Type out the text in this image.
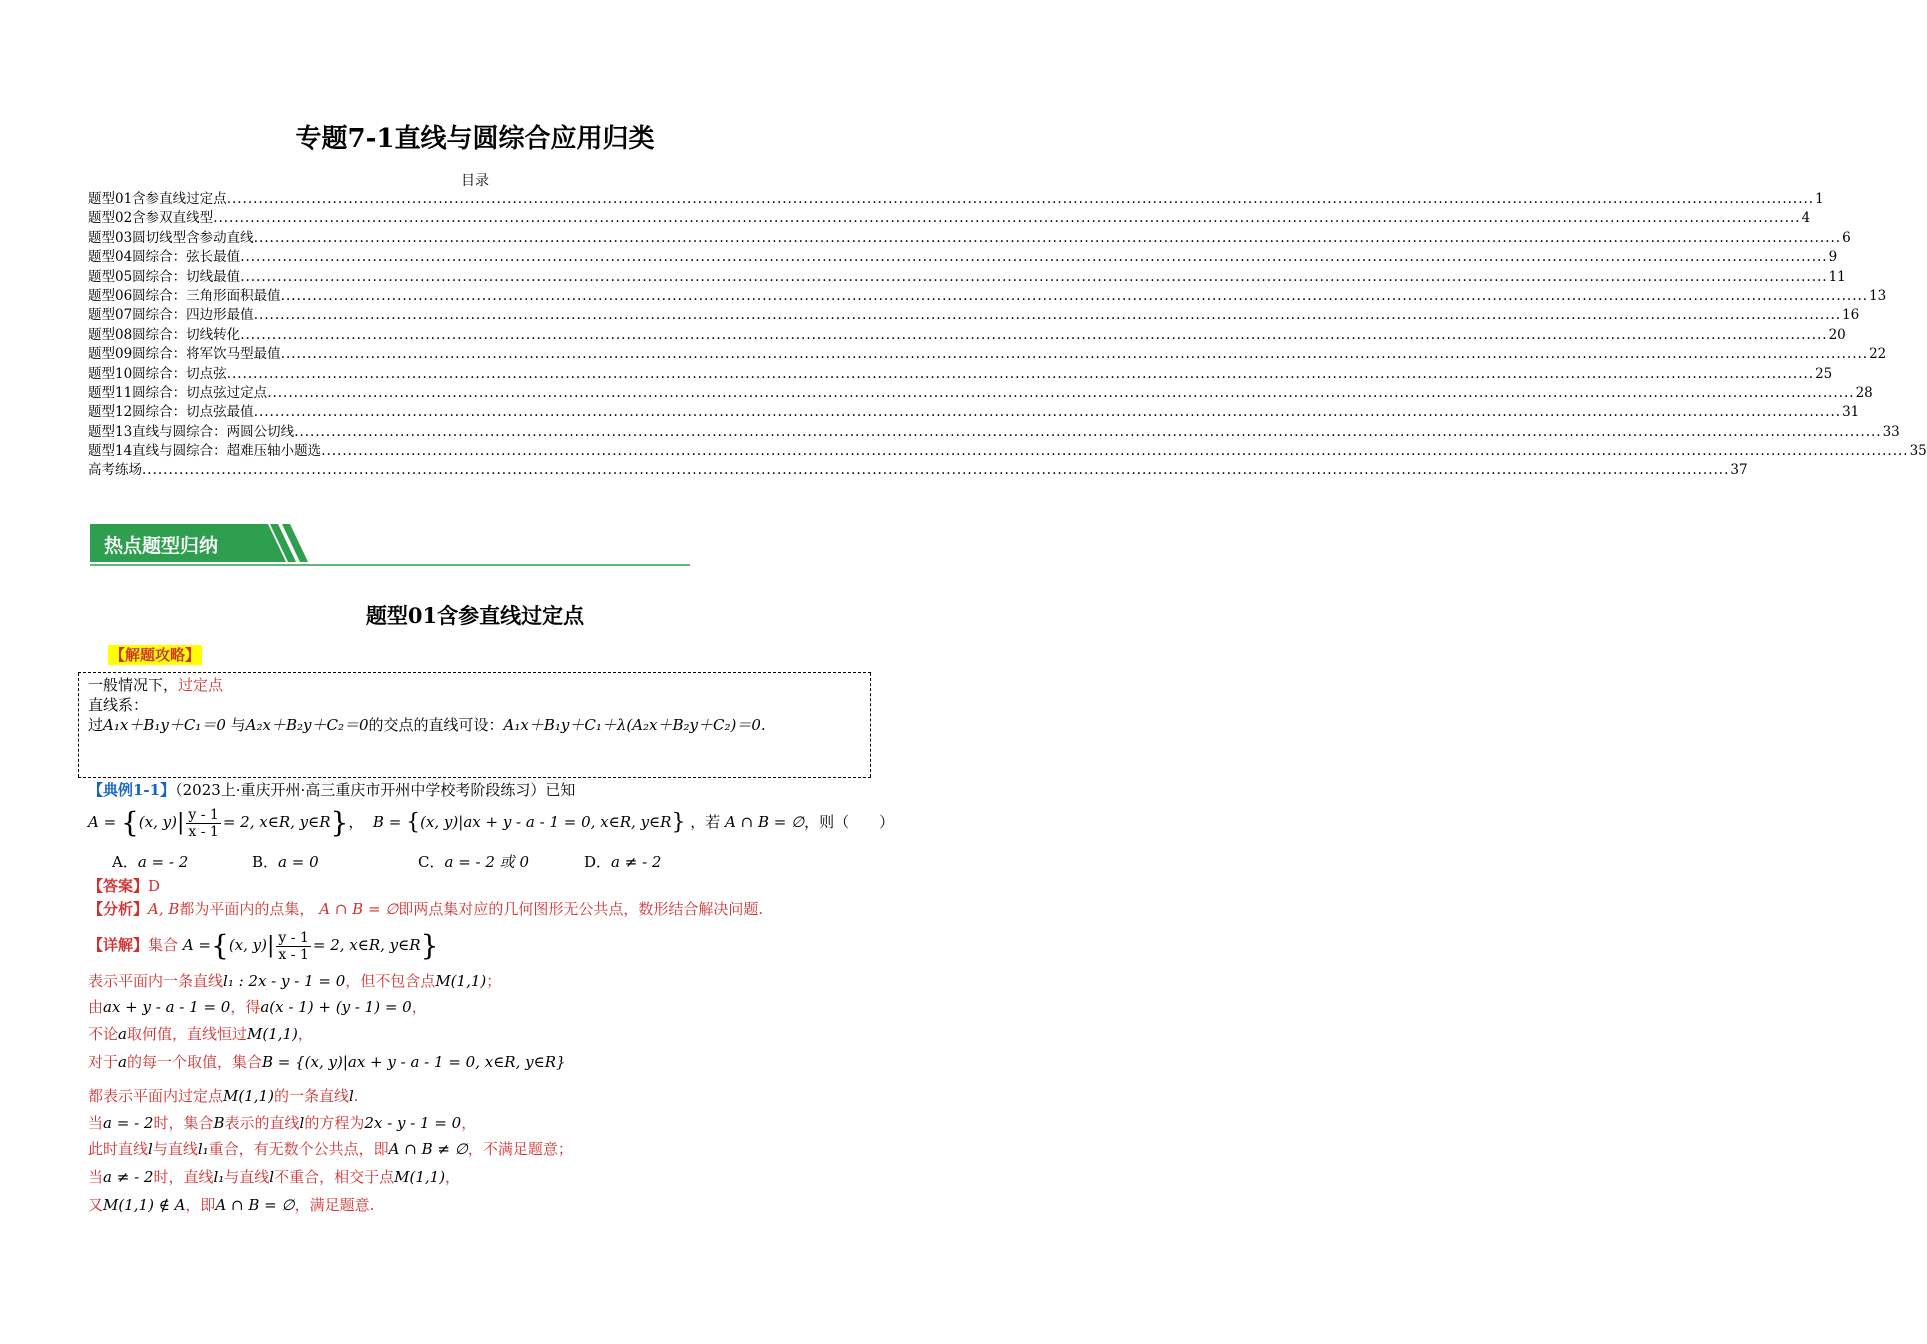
专题7-1直线与圆综合应用归类
目录
题型01含参直线过定点 ............................................................................................................................................................................................................................................................................................................ 1
题型02含参双直线型 ............................................................................................................................................................................................................................................................................................................ 4
题型03圆切线型含参动直线 ............................................................................................................................................................................................................................................................................................................ 6
题型04圆综合：弦长最值 ............................................................................................................................................................................................................................................................................................................ 9
题型05圆综合：切线最值 ............................................................................................................................................................................................................................................................................................................ 11
题型06圆综合：三角形面积最值 ............................................................................................................................................................................................................................................................................................................ 13
题型07圆综合：四边形最值 ............................................................................................................................................................................................................................................................................................................ 16
题型08圆综合：切线转化 ............................................................................................................................................................................................................................................................................................................ 20
题型09圆综合：将军饮马型最值 ............................................................................................................................................................................................................................................................................................................ 22
题型10圆综合：切点弦 ............................................................................................................................................................................................................................................................................................................ 25
题型11圆综合：切点弦过定点 ............................................................................................................................................................................................................................................................................................................ 28
题型12圆综合：切点弦最值 ............................................................................................................................................................................................................................................................................................................ 31
题型13直线与圆综合：两圆公切线 ............................................................................................................................................................................................................................................................................................................ 33
题型14直线与圆综合：超难压轴小题选 ............................................................................................................................................................................................................................................................................................................ 35
高考练场 ............................................................................................................................................................................................................................................................................................................ 37
热点题型归纳
题型01含参直线过定点
【解题攻略】
一般情况下，过定点
直线系：
过A₁x＋B₁y＋C₁＝0 与A₂x＋B₂y＋C₂＝0的交点的直线可设：A₁x＋B₁y＋C₁＋λ(A₂x＋B₂y＋C₂)＝0.
【典例1-1】（2023上·重庆开州·高三重庆市开州中学校考阶段练习）已知
A = {(x, $y)| \frac{y - 1}{x - 1} = 2$, x∈R, y∈R}， B = {(x, y)|ax + y - a - 1 = 0, x∈R, y∈R} ，若 A ∩ B = ∅，则（　　）
A．a = - 2	B．a = 0	C．a = - 2 或 0	D．a ≠ - 2
【答案】D
【分析】A, B都为平面内的点集， A ∩ B = ∅即两点集对应的几何图形无公共点，数形结合解决问题.
【详解】集合 A ={(x, $y)| \frac{y - 1}{x - 1} = 2$, x∈R, y∈R}
表示平面内一条直线l₁ : 2x - y - 1 = 0，但不包含点M(1,1)；
由ax + y - a - 1 = 0，得a(x - 1) + (y - 1) = 0，
不论a取何值，直线恒过M(1,1)，
对于a的每一个取值，集合B = {(x, y)|ax + y - a - 1 = 0, x∈R, y∈R}
都表示平面内过定点M(1,1)的一条直线l.
当a = - 2时，集合B表示的直线l的方程为2x - y - 1 = 0，
此时直线l与直线l₁重合，有无数个公共点，即A ∩ B ≠ ∅，不满足题意；
当a ≠ - 2时，直线l₁与直线l不重合，相交于点M(1,1)，
又M(1,1) ∉ A，即A ∩ B = ∅，满足题意.
